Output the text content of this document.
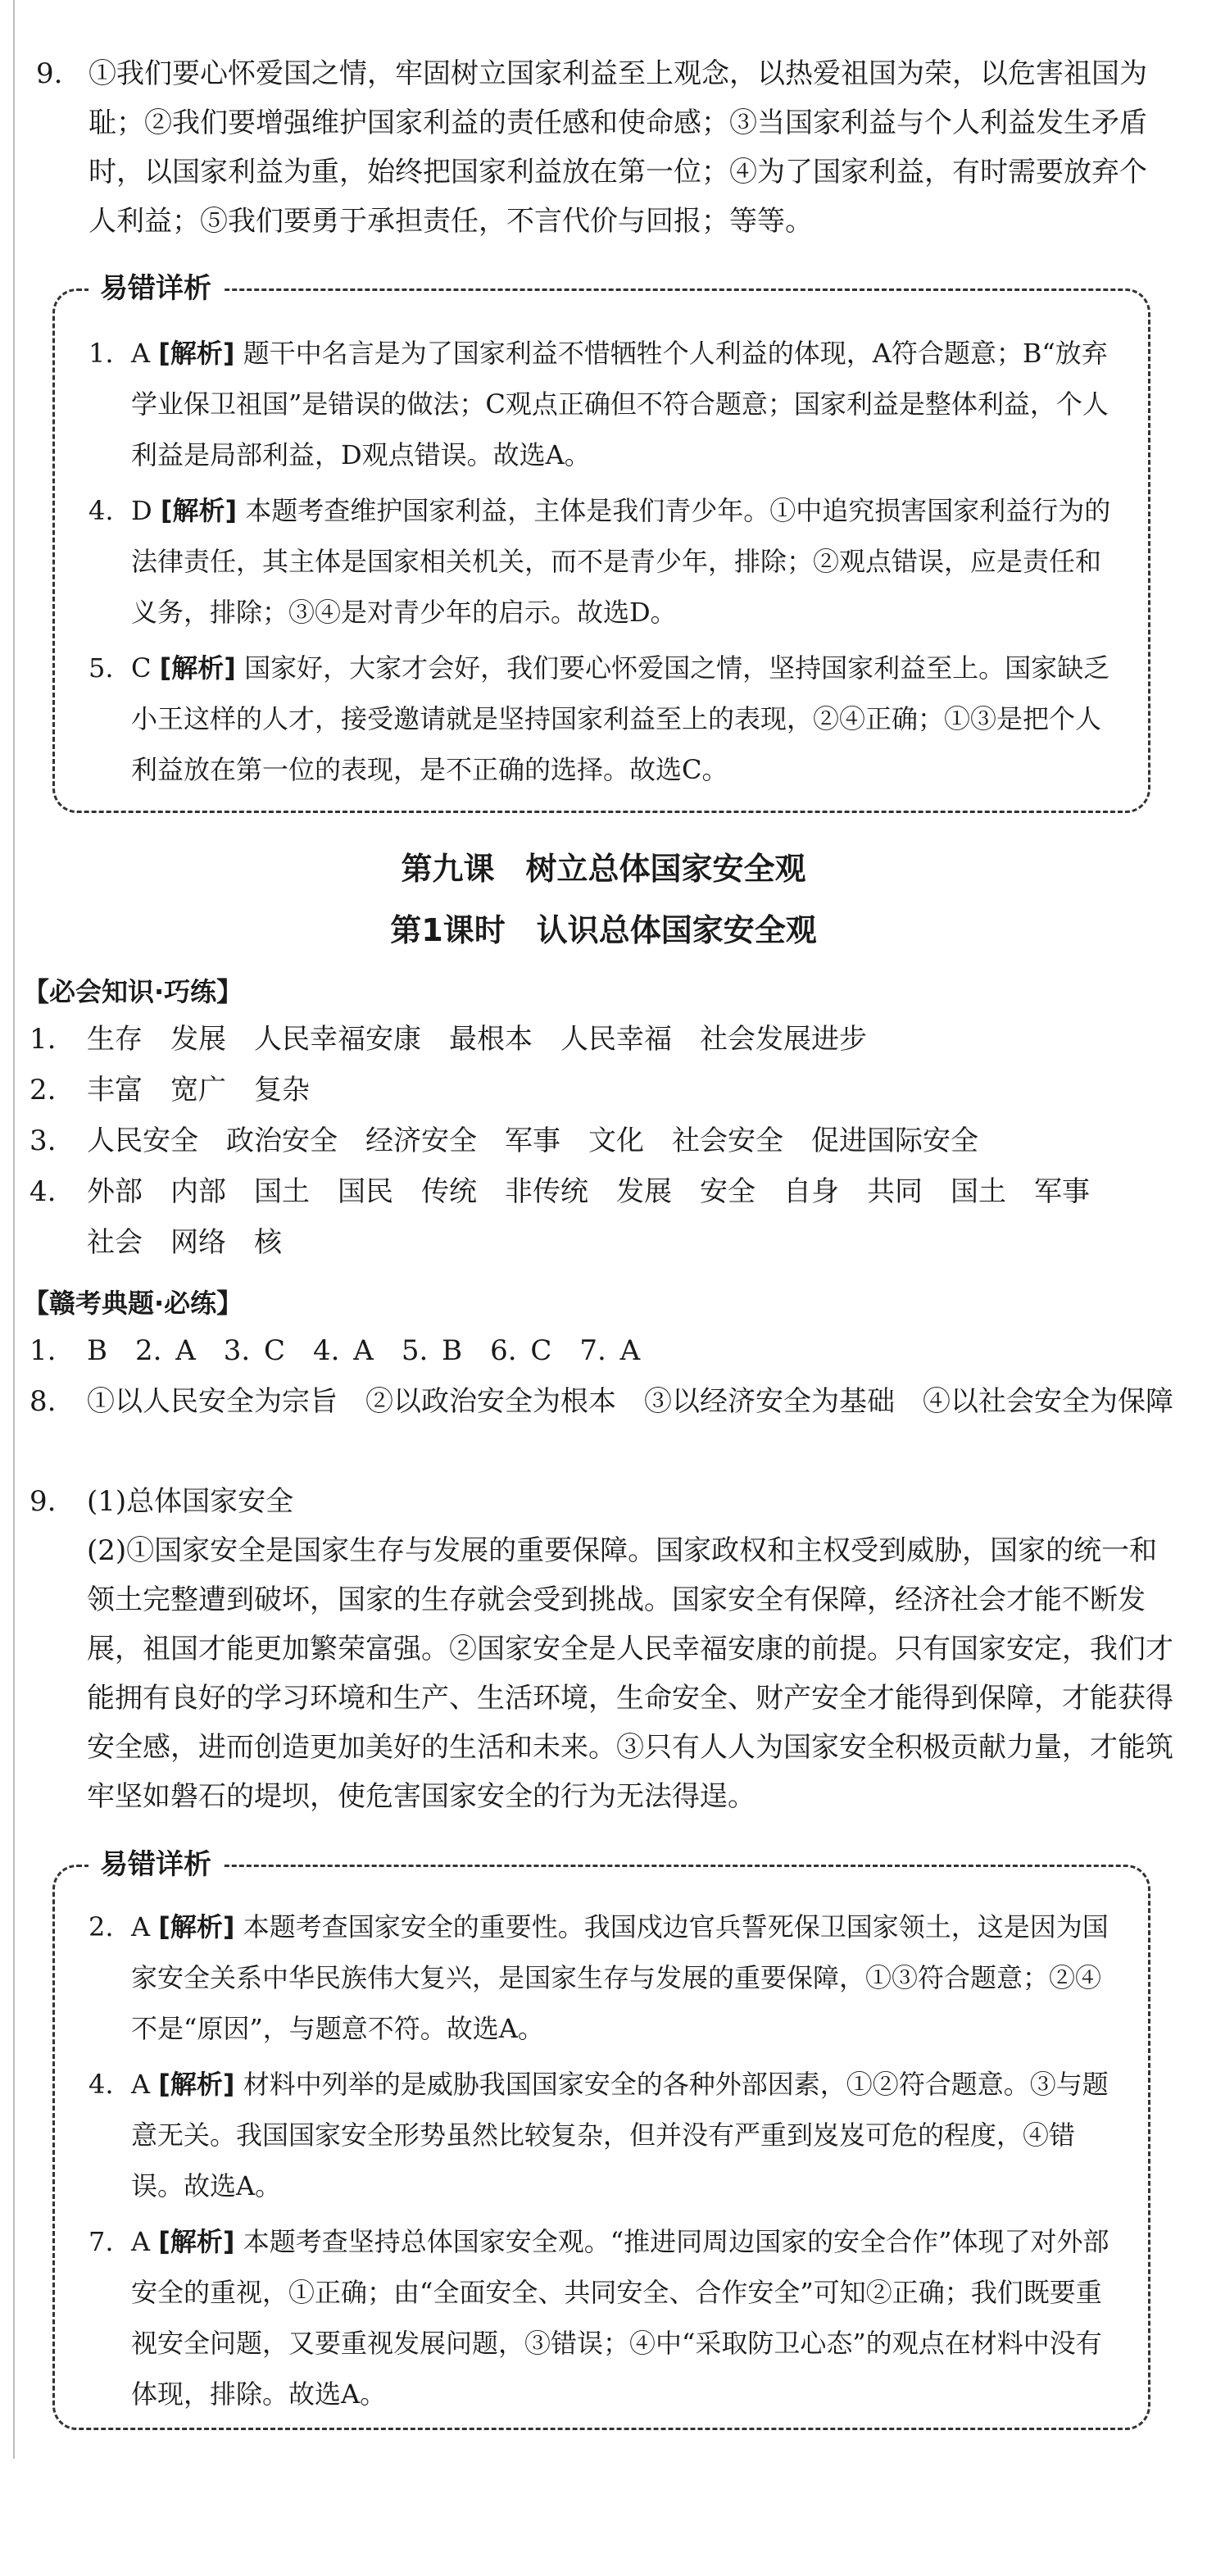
9. ①我们要心怀爱国之情，牢固树立国家利益至上观念，以热爱祖国为荣，以危害祖国为耻；②我们要增强维护国家利益的责任感和使命感；③当国家利益与个人利益发生矛盾时，以国家利益为重，始终把国家利益放在第一位；④为了国家利益，有时需要放弃个人利益；⑤我们要勇于承担责任，不言代价与回报；等等。
易错详析
1. A [解析] 题干中名言是为了国家利益不惜牺牲个人利益的体现，A符合题意；B“放弃学业保卫祖国”是错误的做法；C观点正确但不符合题意；国家利益是整体利益，个人利益是局部利益，D观点错误。故选A。
4. D [解析] 本题考查维护国家利益，主体是我们青少年。①中追究损害国家利益行为的法律责任，其主体是国家相关机关，而不是青少年，排除；②观点错误，应是责任和义务，排除；③④是对青少年的启示。故选D。
5. C [解析] 国家好，大家才会好，我们要心怀爱国之情，坚持国家利益至上。国家缺乏小王这样的人才，接受邀请就是坚持国家利益至上的表现，②④正确；①③是把个人利益放在第一位的表现，是不正确的选择。故选C。
第九课　树立总体国家安全观
第1课时　认识总体国家安全观
【必会知识·巧练】
1. 生存　发展　人民幸福安康　最根本　人民幸福　社会发展进步
2. 丰富　宽广　复杂
3. 人民安全　政治安全　经济安全　军事　文化　社会安全　促进国际安全
4. 外部　内部　国土　国民　传统　非传统　发展　安全　自身　共同　国土　军事
社会　网络　核
【赣考典题·必练】
1. B　2. A　3. C　4. A　5. B　6. C　7. A
8. ①以人民安全为宗旨　②以政治安全为根本　③以经济安全为基础　④以社会安全为保障
9. (1)总体国家安全
(2)①国家安全是国家生存与发展的重要保障。国家政权和主权受到威胁，国家的统一和领土完整遭到破坏，国家的生存就会受到挑战。国家安全有保障，经济社会才能不断发展，祖国才能更加繁荣富强。②国家安全是人民幸福安康的前提。只有国家安定，我们才能拥有良好的学习环境和生产、生活环境，生命安全、财产安全才能得到保障，才能获得安全感，进而创造更加美好的生活和未来。③只有人人为国家安全积极贡献力量，才能筑牢坚如磐石的堤坝，使危害国家安全的行为无法得逞。
易错详析
2. A [解析] 本题考查国家安全的重要性。我国戍边官兵誓死保卫国家领土，这是因为国家安全关系中华民族伟大复兴，是国家生存与发展的重要保障，①③符合题意；②④不是“原因”，与题意不符。故选A。
4. A [解析] 材料中列举的是威胁我国国家安全的各种外部因素，①②符合题意。③与题意无关。我国国家安全形势虽然比较复杂，但并没有严重到岌岌可危的程度，④错误。故选A。
7. A [解析] 本题考查坚持总体国家安全观。“推进同周边国家的安全合作”体现了对外部安全的重视，①正确；由“全面安全、共同安全、合作安全”可知②正确；我们既要重视安全问题，又要重视发展问题，③错误；④中“采取防卫心态”的观点在材料中没有体现，排除。故选A。
